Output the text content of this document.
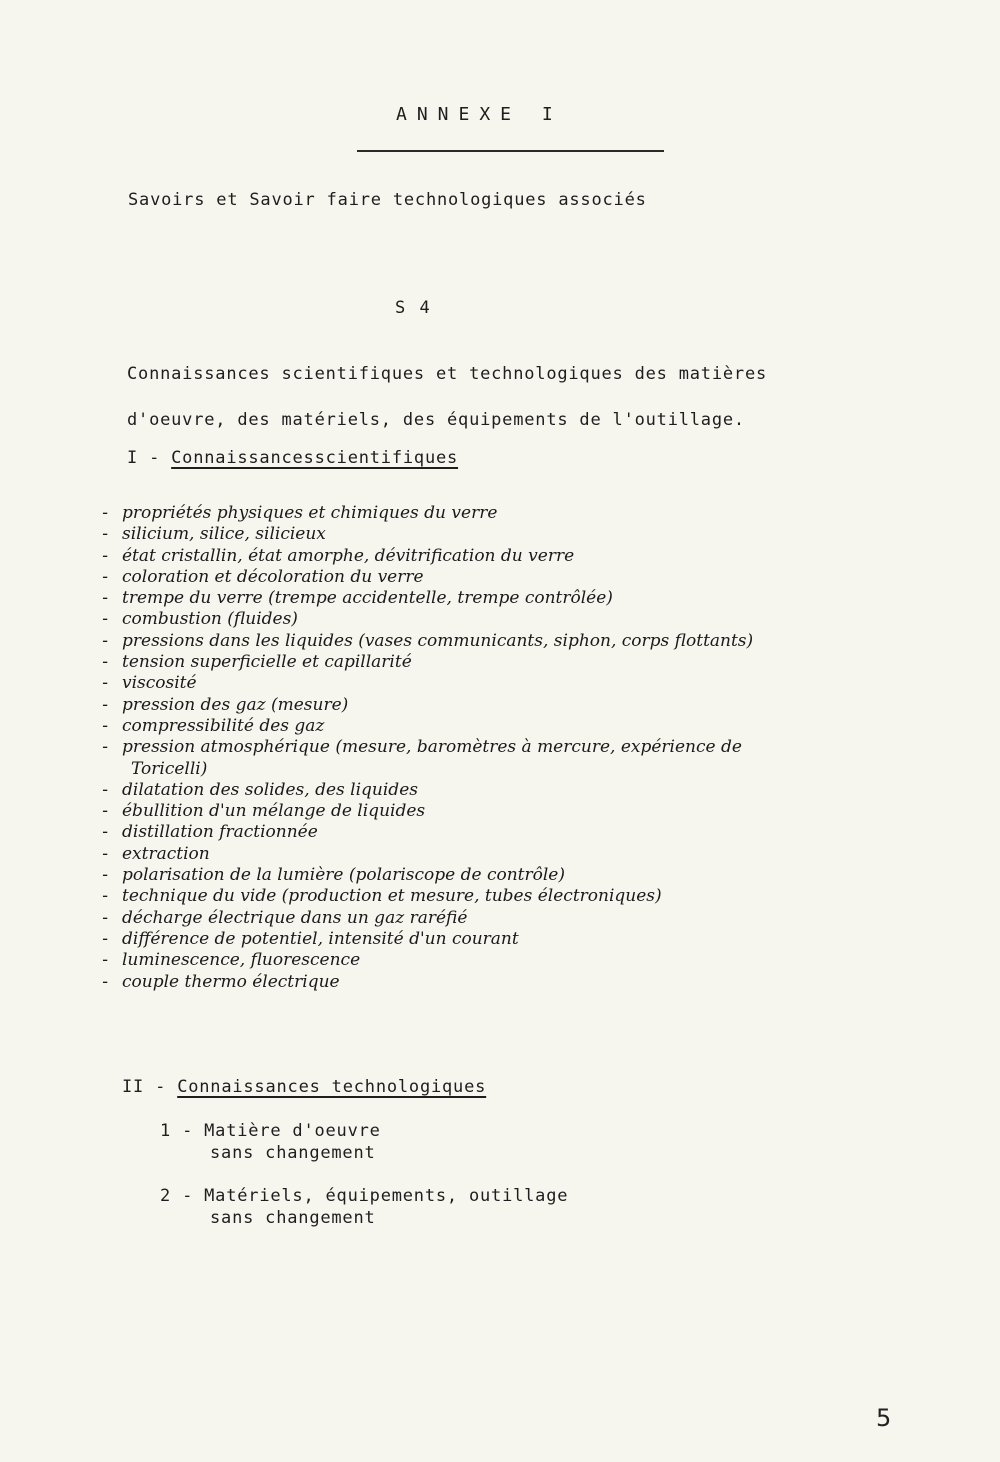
ANNEXE I
Savoirs et Savoir faire technologiques associés
S 4

Connaissances scientifiques et technologiques des matières

d'oeuvre, des matériels, des équipements de l'outillage.

I - Connaissancesscientifiques
- propriétés physiques et chimiques du verre
- silicium, silice, silicieux
- état cristallin, état amorphe, dévitrification du verre
- coloration et décoloration du verre
- trempe du verre (trempe accidentelle, trempe contrôlée)
- combustion (fluides)
- pressions dans les liquides (vases communicants, siphon, corps flottants)
- tension superficielle et capillarité
- viscosité
- pression des gaz (mesure)
- compressibilité des gaz
- pression atmosphérique (mesure, baromètres à mercure, expérience de
Toricelli)
- dilatation des solides, des liquides
- ébullition d'un mélange de liquides
- distillation fractionnée
- extraction
- polarisation de la lumière (polariscope de contrôle)
- technique du vide (production et mesure, tubes électroniques)
- décharge électrique dans un gaz raréfié
- différence de potentiel, intensité d'un courant
- luminescence, fluorescence
- couple thermo électrique
II - Connaissances technologiques
1 - Matière d'oeuvre
sans changement
2 - Matériels, équipements, outillage
sans changement
5
